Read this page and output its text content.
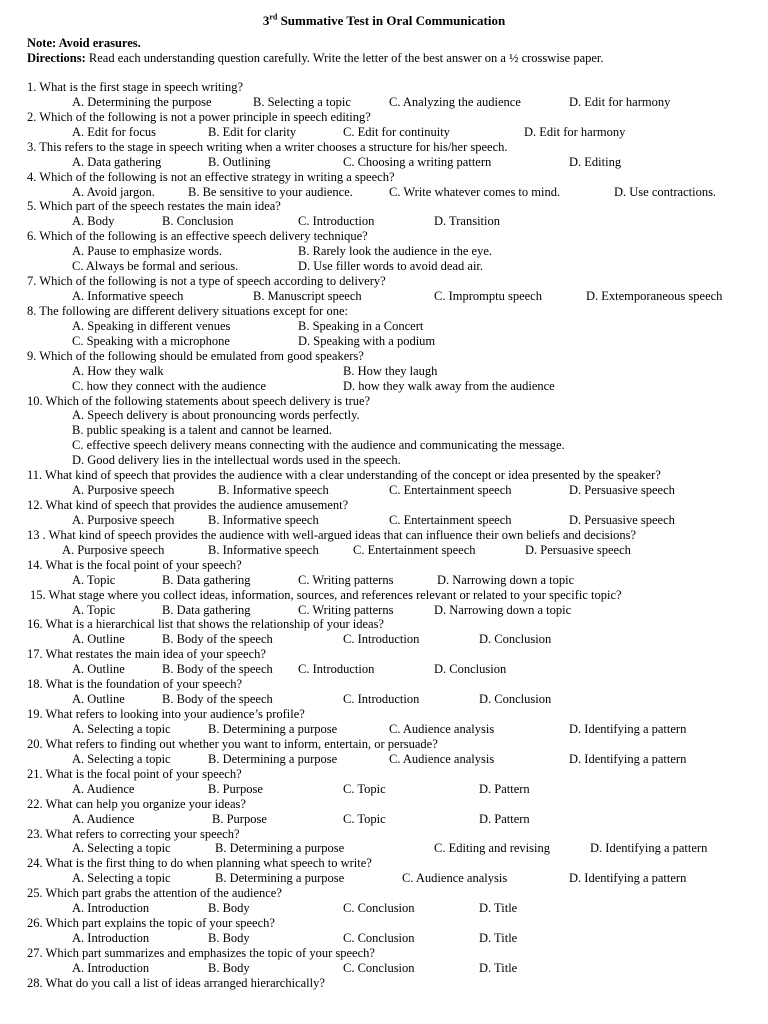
3rd Summative Test in Oral Communication
Note: Avoid erasures.
Directions: Read each understanding question carefully. Write the letter of the best answer on a ½ crosswise paper.
1. What is the first stage in speech writing?
A. Determining the purpose	B. Selecting a topic	C. Analyzing the audience	D. Edit for harmony
2. Which of the following is not a power principle in speech editing?
A. Edit for focus	B. Edit for clarity	C. Edit for continuity	D. Edit for harmony
3. This refers to the stage in speech writing when a writer chooses a structure for his/her speech.
A. Data gathering	B. Outlining	C. Choosing a writing pattern	D. Editing
4. Which of the following is not an effective strategy in writing a speech?
A. Avoid jargon.	B. Be sensitive to your audience.	C. Write whatever comes to mind.	D. Use contractions.
5. Which part of the speech restates the main idea?
A. Body	B. Conclusion	C. Introduction	D. Transition
6. Which of the following is an effective speech delivery technique?
A. Pause to emphasize words.	B. Rarely look the audience in the eye.
C. Always be formal and serious.	D. Use filler words to avoid dead air.
7. Which of the following is not a type of speech according to delivery?
A. Informative speech	B. Manuscript speech	C. Impromptu speech	D. Extemporaneous speech
8. The following are different delivery situations except for one:
A. Speaking in different venues	B. Speaking in a Concert
C. Speaking with a microphone	D. Speaking with a podium
9. Which of the following should be emulated from good speakers?
A. How they walk	B. How they laugh
C. how they connect with the audience	D. how they walk away from the audience
10. Which of the following statements about speech delivery is true?
A. Speech delivery is about pronouncing words perfectly.
B. public speaking is a talent and cannot be learned.
C. effective speech delivery means connecting with the audience and communicating the message.
D. Good delivery lies in the intellectual words used in the speech.
11. What kind of speech that provides the audience with a clear understanding of the concept or idea presented by the speaker?
A. Purposive speech	B. Informative speech	C. Entertainment speech	D. Persuasive speech
12. What kind of speech that provides the audience amusement?
A. Purposive speech	B. Informative speech	C. Entertainment speech	D. Persuasive speech
13 . What kind of speech provides the audience with well-argued ideas that can influence their own beliefs and decisions?
A. Purposive speech	B. Informative speech	C. Entertainment speech	D. Persuasive speech
14. What is the focal point of your speech?
A. Topic	B. Data gathering	C. Writing patterns	D. Narrowing down a topic
15. What stage where you collect ideas, information, sources, and references relevant or related to your specific topic?
A. Topic	B. Data gathering	C. Writing patterns	D. Narrowing down a topic
16. What is a hierarchical list that shows the relationship of your ideas?
A. Outline	B. Body of the speech	C. Introduction	D. Conclusion
17. What restates the main idea of your speech?
A. Outline	B. Body of the speech C. Introduction	D. Conclusion
18. What is the foundation of your speech?
A. Outline	B. Body of the speech	C. Introduction	D. Conclusion
19. What refers to looking into your audience’s profile?
A. Selecting a topic	B. Determining a purpose	C. Audience analysis	D. Identifying a pattern
20. What refers to finding out whether you want to inform, entertain, or persuade?
A. Selecting a topic	B. Determining a purpose	C. Audience analysis	D. Identifying a pattern
21. What is the focal point of your speech?
A. Audience	B. Purpose	C. Topic	D. Pattern
22. What can help you organize your ideas?
A. Audience	B. Purpose	C. Topic	D. Pattern
23. What refers to correcting your speech?
A. Selecting a topic	B. Determining a purpose	C. Editing and revising	D. Identifying a pattern
24. What is the first thing to do when planning what speech to write?
A. Selecting a topic	B. Determining a purpose	C. Audience analysis	D. Identifying a pattern
25. Which part grabs the attention of the audience?
A. Introduction	B. Body	C. Conclusion	D. Title
26. Which part explains the topic of your speech?
A. Introduction	B. Body	C. Conclusion	D. Title
27. Which part summarizes and emphasizes the topic of your speech?
A. Introduction	B. Body	C. Conclusion	D. Title
28. What do you call a list of ideas arranged hierarchically?
